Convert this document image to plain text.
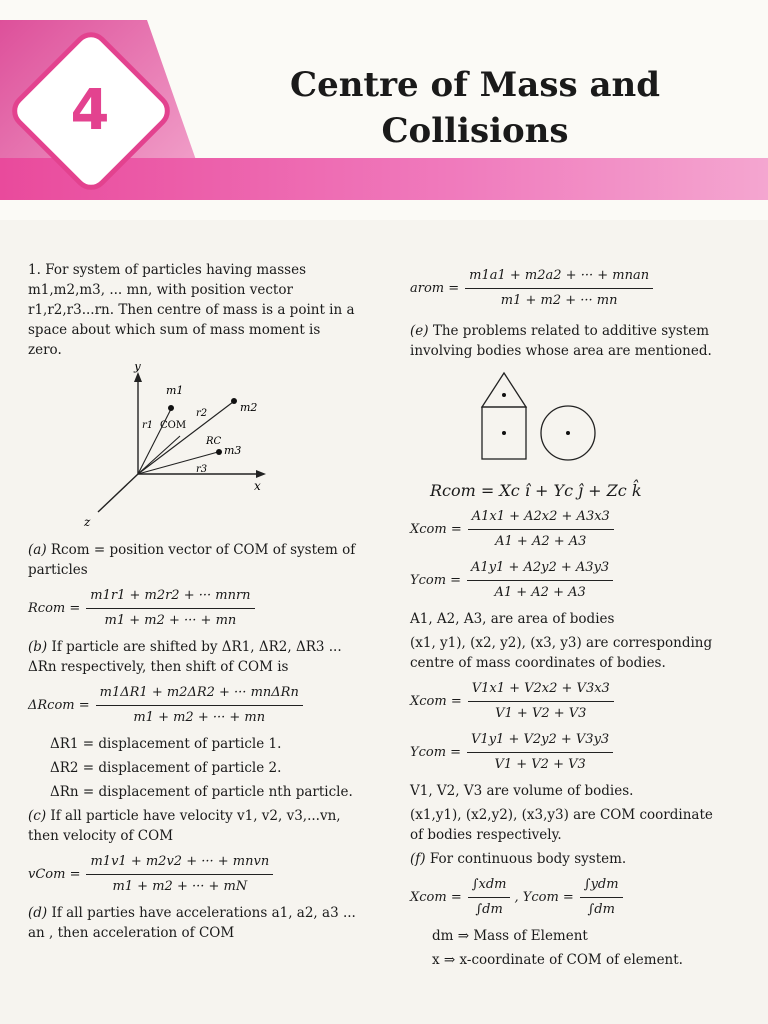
4	Centre of Mass and
Collisions

1. For system of particles having masses m1,m2,m3, ... mn, with position vector r1,r2,r3...rn. Then centre of mass is a point in a space about which sum of mass moment is zero.

y
x
z
m1
m2
m3
r1
r2
r3
COM
RC

(a) Rcom = position vector of COM of system of particles

Rcom = $\frac{\text{m1r1 + m2r2 + ··· mnrn}}{m1 + m2 + \cdot\cdot\cdot + mn}$

(b) If particle are shifted by ΔR1, ΔR2, ΔR3 ... ΔRn respectively, then shift of COM is

ΔRcom = $\frac{\text{m1ΔR1 + m2ΔR2 + ··· mnΔRn}}{m1 + m2 + \cdot\cdot\cdot + mn}$

ΔR1 = displacement of particle 1.

ΔR2 = displacement of particle 2.

ΔRn = displacement of particle nth particle.

(c) If all particle have velocity v1, v2, v3,...vn, then velocity of COM

vCom = $\frac{\text{m1v1 + m2v2 + ··· + mnvn}}{m1 + m2 + \cdot\cdot\cdot + mN}$

(d) If all parties have accelerations a1, a2, a3 ... an , then acceleration of COM

arom = $\frac{\text{m1a1 + m2a2 + ··· + mnan}}{m1 + m2 + \cdot\cdot\cdot mn}$

(e) The problems related to additive system involving bodies whose area are mentioned.

Rcom = Xc î + Yc ĵ + Zc k̂
Xcom = $\frac{A1x1 + A2x2 + A3x3}{A1 + A2 + A3}$
Ycom = $\frac{A1y1 + A2y2 + A3y3}{A1 + A2 + A3}$

A1, A2, A3, are area of bodies

(x1, y1), (x2, y2), (x3, y3) are corresponding centre of mass coordinates of bodies.

Xcom = $\frac{V1x1 + V2x2 + V3x3}{V1 + V2 + V3}$
Ycom = $\frac{V1y1 + V2y2 + V3y3}{V1 + V2 + V3}$

V1, V2, V3 are volume of bodies.

(x1,y1), (x2,y2), (x3,y3) are COM coordinate of bodies respectively.

(f) For continuous body system.

Xcom = $\frac{\text{∫xdm}}{\int dm}$ , Ycom = $\frac{\text{∫ydm}}{\int dm}$

dm ⇒ Mass of Element

x ⇒ x-coordinate of COM of element.
